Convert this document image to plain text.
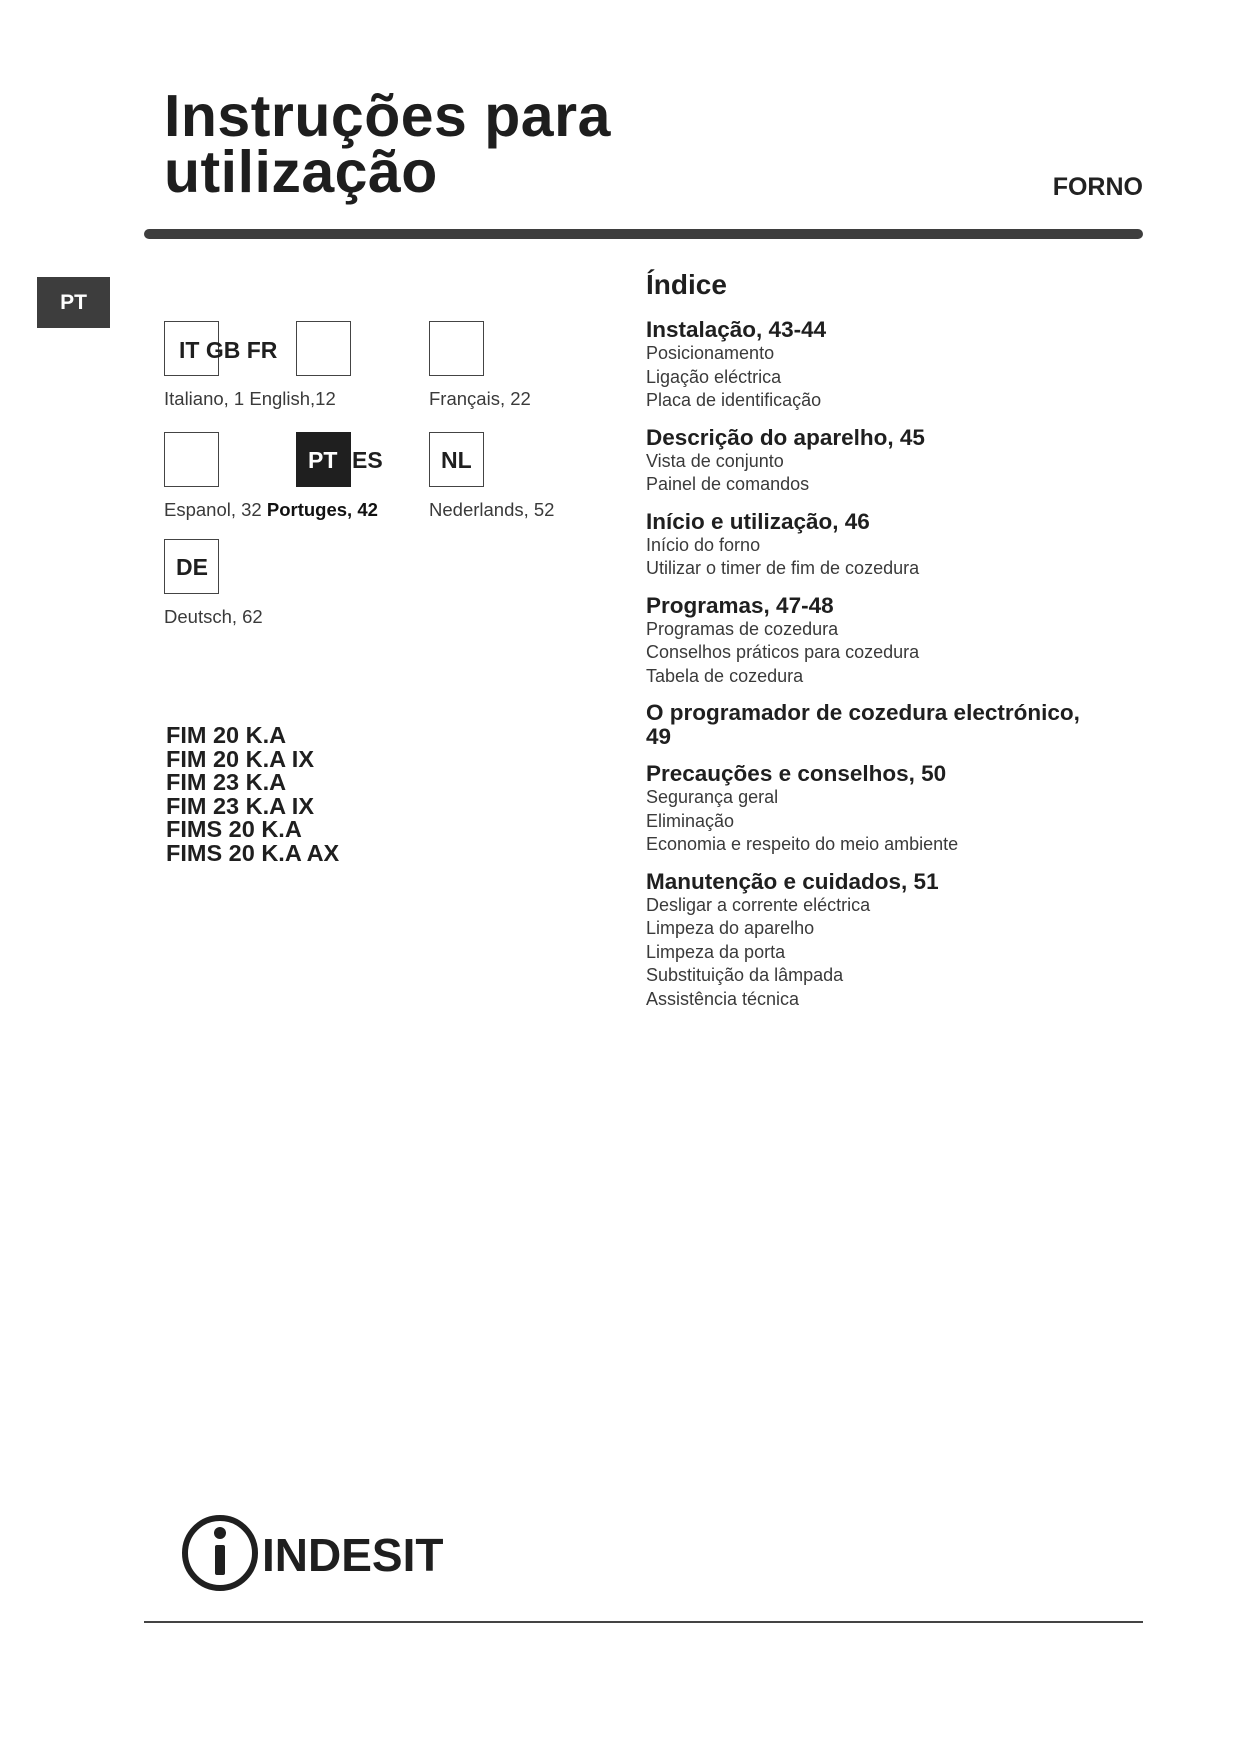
Instruções para
utilização	FORNO
PT
IT GB FR
Italiano, 1 English,12	Français, 22
PT ES	NL
Espanol, 32 Portuges, 42	Nederlands, 52
DE
Deutsch, 62
FIM 20 K.A
FIM 20 K.A IX
FIM 23 K.A
FIM 23 K.A IX
FIMS 20 K.A
FIMS 20 K.A AX
Índice
Instalação, 43-44
Posicionamento
Ligação eléctrica
Placa de identificação
Descrição do aparelho, 45
Vista de conjunto
Painel de comandos
Início e utilização, 46
Início do forno
Utilizar o timer de fim de cozedura
Programas, 47-48
Programas de cozedura
Conselhos práticos para cozedura
Tabela de cozedura
O programador de cozedura electrónico, 49
Precauções e conselhos, 50
Segurança geral
Eliminação
Economia e respeito do meio ambiente
Manutenção e cuidados, 51
Desligar a corrente eléctrica
Limpeza do aparelho
Limpeza da porta
Substituição da lâmpada
Assistência técnica
INDESIT
